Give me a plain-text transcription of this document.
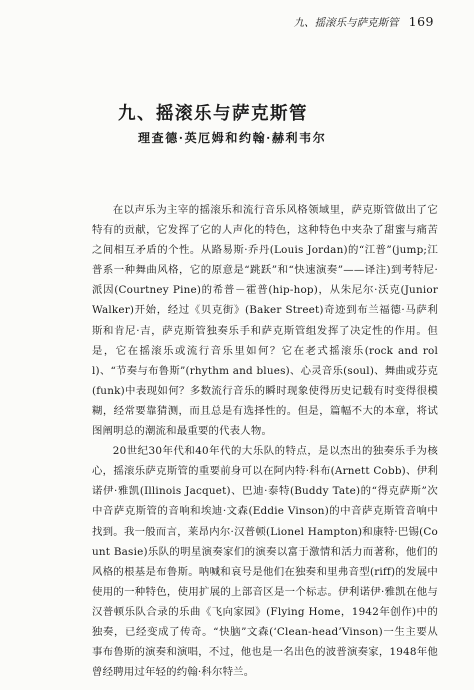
九、摇滚乐与萨克斯管 169
九、摇滚乐与萨克斯管
理查德·英厄姆和约翰·赫利韦尔

在以声乐为主宰的摇滚乐和流行音乐风格领域里，萨克斯管做出了它特有的贡献，它发挥了它的人声化的特色，这种特色中夹杂了甜蜜与痛苦之间相互矛盾的个性。从路易斯·乔丹(Louis Jordan)的“江普”(jump;江普系一种舞曲风格，它的原意是“跳跃”和“快速演奏”——译注)到考特尼·派因(Courtney Pine)的希普－霍普(hip-hop)，从朱尼尔·沃克(Junior Walker)开始，经过《贝克街》(Baker Street)奇迹到布兰福德·马萨利斯和肯尼·吉，萨克斯管独奏乐手和萨克斯管组发挥了决定性的作用。但是，它在摇滚乐或流行音乐里如何？它在老式摇滚乐(rock and roll)、“节奏与布鲁斯”(rhythm and blues)、心灵音乐(soul)、舞曲或芬克(funk)中表现如何？多数流行音乐的瞬时现象使得历史记载有时变得很模糊，经常要靠猜测，而且总是有选择性的。但是，篇幅不大的本章，将试图阐明总的潮流和最重要的代表人物。

20世纪30年代和40年代的大乐队的特点，是以杰出的独奏乐手为核心，摇滚乐萨克斯管的重要前身可以在阿内特·科布(Arnett Cobb)、伊利诺伊·雅凯(Illinois Jacquet)、巴迪·泰特(Buddy Tate)的“得克萨斯”次中音萨克斯管的音响和埃迪·文森(Eddie Vinson)的中音萨克斯管音响中找到。我一般而言，莱昂内尔·汉普顿(Lionel Hampton)和康特·巴锡(Count Basie)乐队的明星演奏家们的演奏以富于激情和活力而著称，他们的风格的根基是布鲁斯。呐喊和哀号是他们在独奏和里弗音型(riff)的发展中使用的一种特色，使用扩展的上部音区是一个标志。伊利诺伊·雅凯在他与汉普顿乐队合录的乐曲《飞向家园》(Flying Home，1942年创作)中的独奏，已经变成了传奇。“快脑”文森(‘Clean-head’Vinson)一生主要从事布鲁斯的演奏和演唱，不过，他也是一名出色的波普演奏家，1948年他曾经聘用过年轻的约翰·科尔特兰。
